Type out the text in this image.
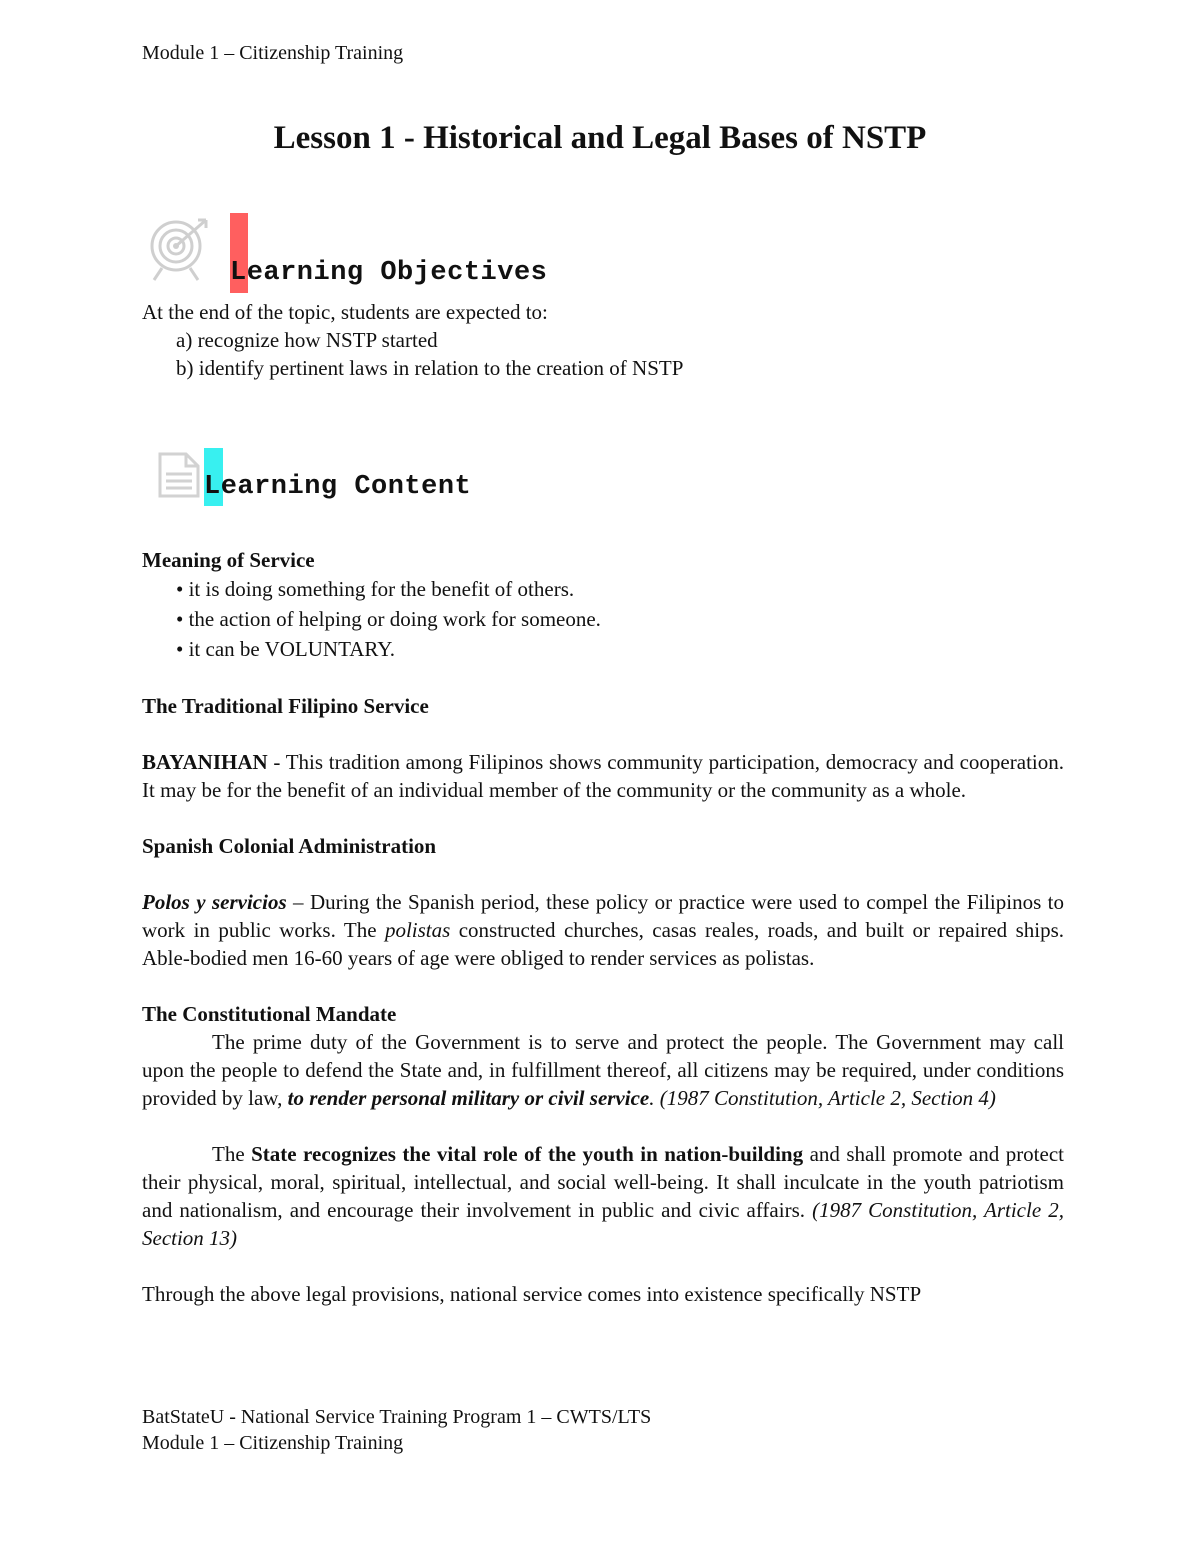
Module 1 – Citizenship Training
Lesson 1 - Historical and Legal Bases of NSTP
Learning Objectives
At the end of the topic, students are expected to:
a) recognize how NSTP started
b) identify pertinent laws in relation to the creation of NSTP
Learning Content
Meaning of Service
• it is doing something for the benefit of others.
• the action of helping or doing work for someone.
• it can be VOLUNTARY.
The Traditional Filipino Service

BAYANIHAN - This tradition among Filipinos shows community participation, democracy and cooperation. It may be for the benefit of an individual member of the community or the community as a whole.

Spanish Colonial Administration

Polos y servicios – During the Spanish period, these policy or practice were used to compel the Filipinos to work in public works. The polistas constructed churches, casas reales, roads, and built or repaired ships. Able-bodied men 16-60 years of age were obliged to render services as polistas.

The Constitutional Mandate

The prime duty of the Government is to serve and protect the people. The Government may call upon the people to defend the State and, in fulfillment thereof, all citizens may be required, under conditions provided by law, to render personal military or civil service. (1987 Constitution, Article 2, Section 4)

The State recognizes the vital role of the youth in nation-building and shall promote and protect their physical, moral, spiritual, intellectual, and social well-being. It shall inculcate in the youth patriotism and nationalism, and encourage their involvement in public and civic affairs. (1987 Constitution, Article 2, Section 13)

Through the above legal provisions, national service comes into existence specifically NSTP

BatStateU - National Service Training Program 1 – CWTS/LTS
Module 1 – Citizenship Training
